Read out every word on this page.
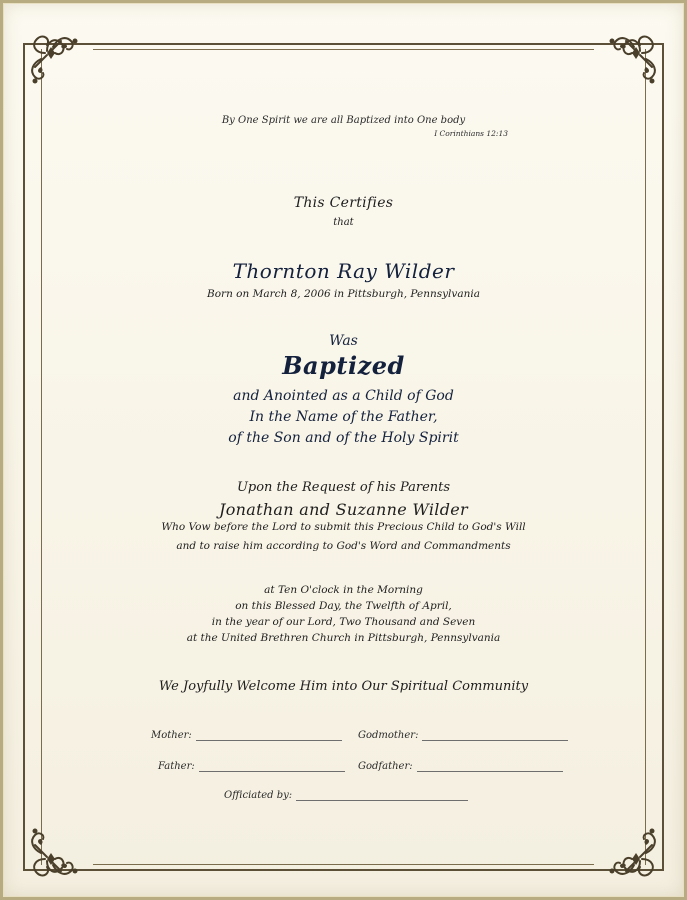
By One Spirit we are all Baptized into One body
I Corinthians 12:13
This Certifies
that
Thornton Ray Wilder
Born on March 8, 2006 in Pittsburgh, Pennsylvania
Was
Baptized
and Anointed as a Child of God
In the Name of the Father,
of the Son and of the Holy Spirit
Upon the Request of his Parents
Jonathan and Suzanne Wilder
Who Vow before the Lord to submit this Precious Child to God's Will
and to raise him according to God's Word and Commandments
at Ten O'clock in the Morning
on this Blessed Day, the Twelfth of April,
in the year of our Lord, Two Thousand and Seven
at the United Brethren Church in Pittsburgh, Pennsylvania
We Joyfully Welcome Him into Our Spiritual Community
Mother:	Godmother:
Father:	Godfather:
Officiated by:
